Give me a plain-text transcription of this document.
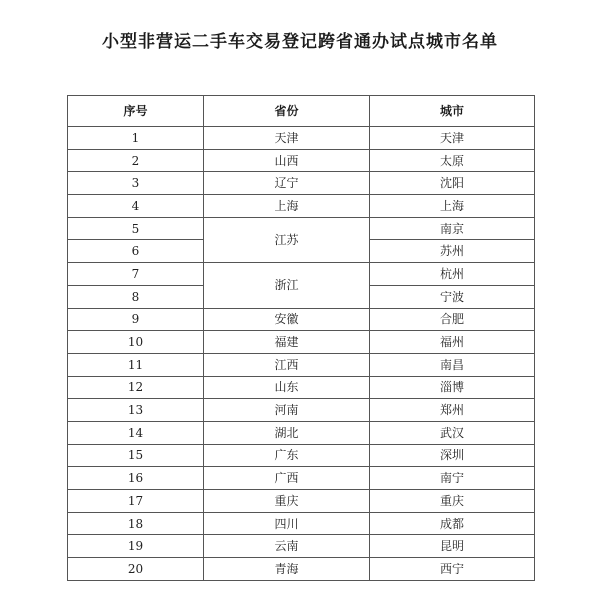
小型非营运二手车交易登记跨省通办试点城市名单
序号	省份	城市
1	天津	天津
2	山西	太原
3	辽宁	沈阳
4	上海	上海
5	江苏	南京
6		苏州
7	浙江	杭州
8		宁波
9	安徽	合肥
10	福建	福州
11	江西	南昌
12	山东	淄博
13	河南	郑州
14	湖北	武汉
15	广东	深圳
16	广西	南宁
17	重庆	重庆
18	四川	成都
19	云南	昆明
20	青海	西宁
